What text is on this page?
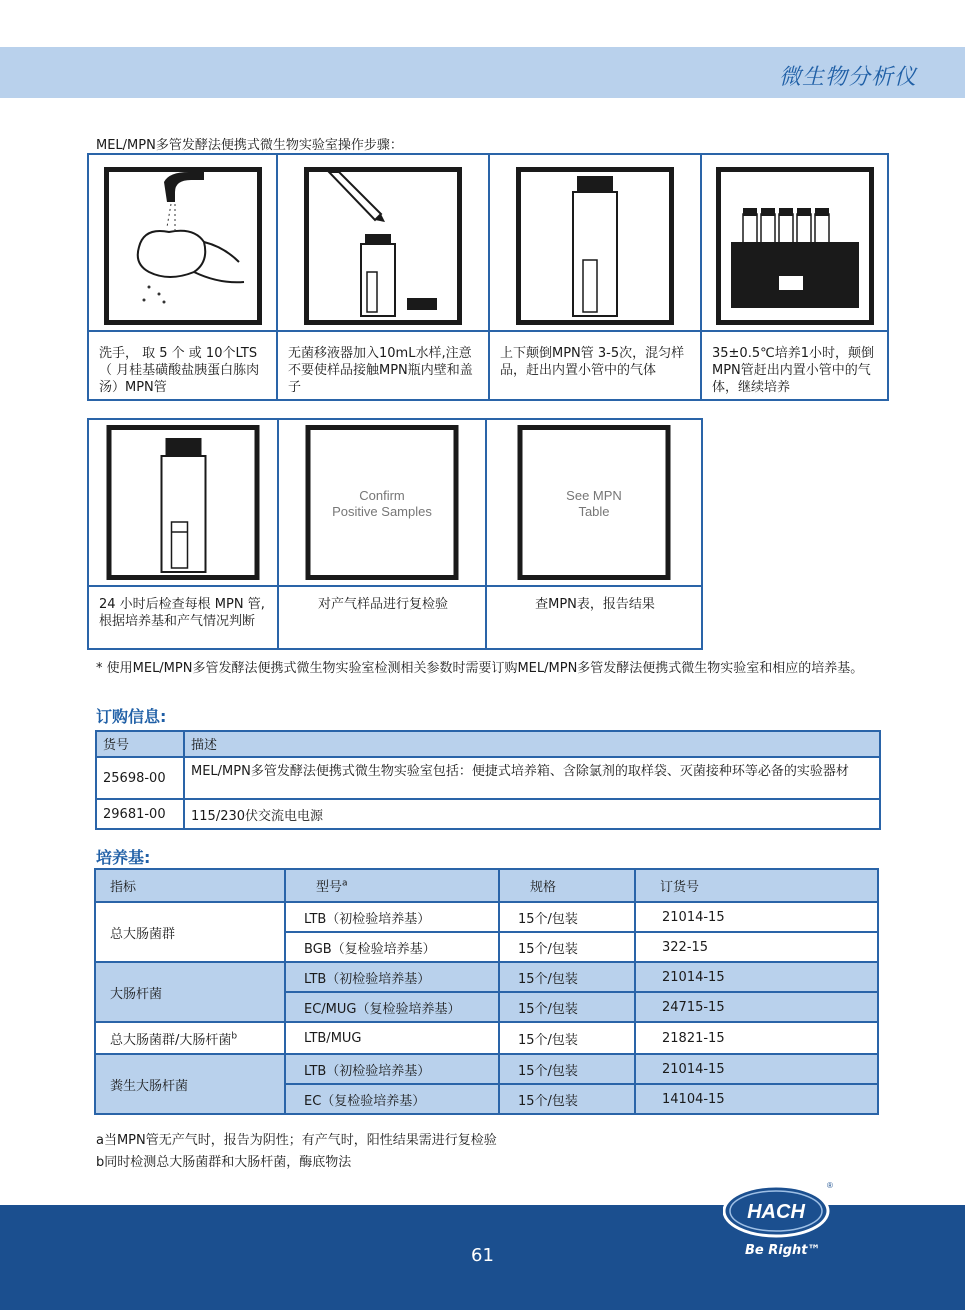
微生物分析仪
MEL/MPN多管发酵法便携式微生物实验室操作步骤：
洗手， 取 5 个 或 10个LTS（ 月桂基磺酸盐胰蛋白胨肉汤）MPN管
无菌移液器加入10mL水样,注意不要使样品接触MPN瓶内壁和盖子
上下颠倒MPN管 3-5次，混匀样品，赶出内置小管中的气体
35±0.5℃培养1小时，颠倒MPN管赶出内置小管中的气体，继续培养
24 小时后检查每根 MPN 管,根据培养基和产气情况判断
Confirm
Positive Samples
对产气样品进行复检验
See MPN
Table
查MPN表，报告结果
* 使用MEL/MPN多管发酵法便携式微生物实验室检测相关参数时需要订购MEL/MPN多管发酵法便携式微生物实验室和相应的培养基。
订购信息:
货号	描述
25698-00	MEL/MPN多管发酵法便携式微生物实验室包括：便捷式培养箱、含除氯剂的取样袋、灭菌接种环等必备的实验器材
29681-00	115/230伏交流电电源
培养基:
指标	型号$^a$	规格	订货号
总大肠菌群	LTB（初检验培养基）	15个/包装	21014-15
	BGB（复检验培养基）	15个/包装	322-15
大肠杆菌	LTB（初检验培养基）	15个/包装	21014-15
	EC/MUG（复检验培养基）	15个/包装	24715-15
总大肠菌群/大肠杆菌$^b$	LTB/MUG	15个/包装	21821-15
粪生大肠杆菌	LTB（初检验培养基）	15个/包装	21014-15
	EC（复检验培养基）	15个/包装	14104-15
a当MPN管无产气时，报告为阴性；有产气时，阳性结果需进行复检验
b同时检测总大肠菌群和大肠杆菌，酶底物法
61
HACH
®
Be Right™
